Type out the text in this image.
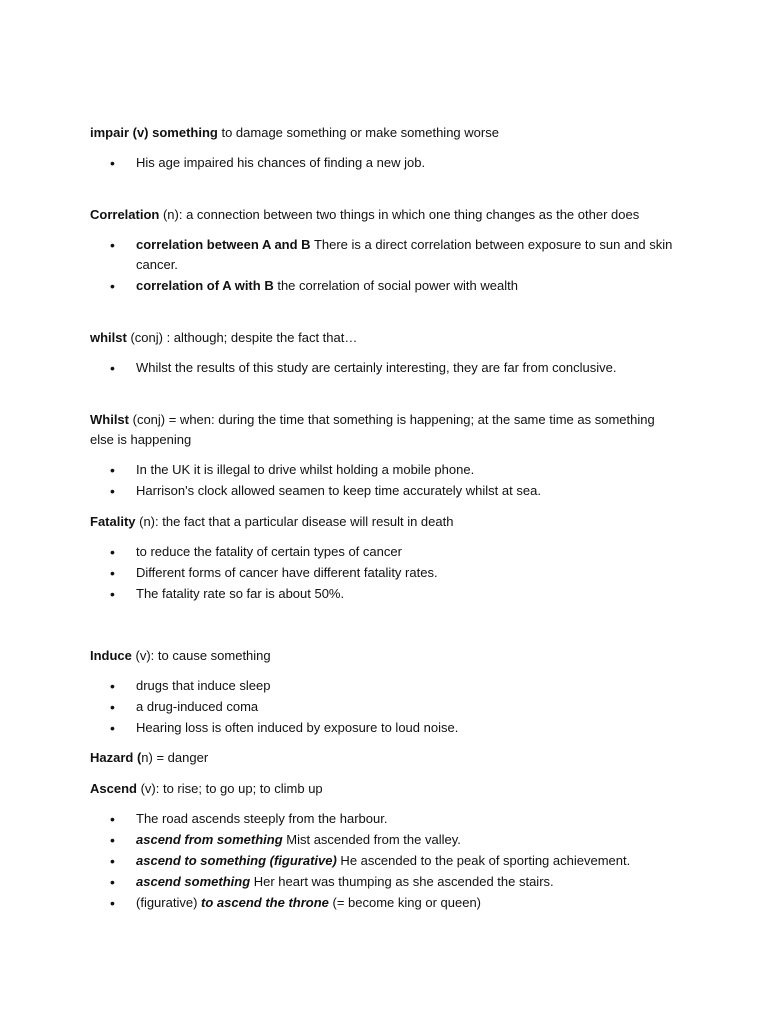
impair (v) something to damage something or make something worse

• His age impaired his chances of finding a new job.

Correlation (n): a connection between two things in which one thing changes as the other does

• correlation between A and B There is a direct correlation between exposure to sun and skin cancer.
• correlation of A with B the correlation of social power with wealth

whilst (conj) : although; despite the fact that…

• Whilst the results of this study are certainly interesting, they are far from conclusive.

Whilst (conj) = when: during the time that something is happening; at the same time as something else is happening

• In the UK it is illegal to drive whilst holding a mobile phone.
• Harrison's clock allowed seamen to keep time accurately whilst at sea.

Fatality (n): the fact that a particular disease will result in death

• to reduce the fatality of certain types of cancer
• Different forms of cancer have different fatality rates.
• The fatality rate so far is about 50%.

Induce (v): to cause something

• drugs that induce sleep
• a drug-induced coma
• Hearing loss is often induced by exposure to loud noise.

Hazard (n) = danger

Ascend (v): to rise; to go up; to climb up

• The road ascends steeply from the harbour.
• ascend from something Mist ascended from the valley.
• ascend to something (figurative) He ascended to the peak of sporting achievement.
• ascend something Her heart was thumping as she ascended the stairs.
• (figurative) to ascend the throne (= become king or queen)
